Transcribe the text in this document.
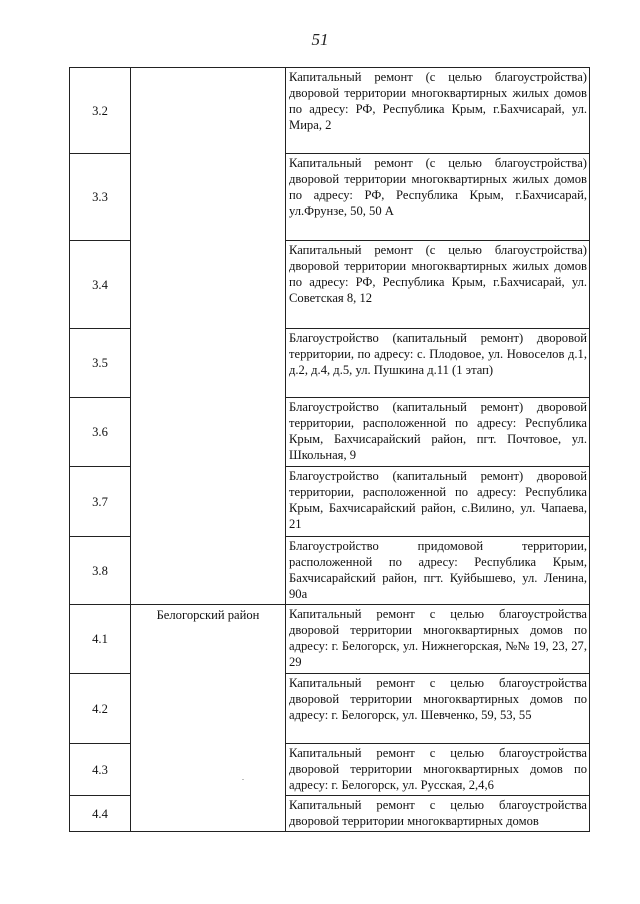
51
3.2		Капитальный ремонт (с целью благоустройства) дворовой территории многоквартирных жилых домов по адресу: РФ, Республика Крым, г.Бахчисарай, ул. Мира, 2
3.3		Капитальный ремонт (с целью благоустройства) дворовой территории многоквартирных жилых домов по адресу: РФ, Республика Крым, г.Бахчисарай, ул.Фрунзе, 50, 50 А
3.4		Капитальный ремонт (с целью благоустройства) дворовой территории многоквартирных жилых домов по адресу: РФ, Республика Крым, г.Бахчисарай, ул. Советская 8, 12
3.5		Благоустройство (капитальный ремонт) дворовой территории, по адресу: с. Плодовое, ул. Новоселов д.1, д.2, д.4, д.5, ул. Пушкина д.11 (1 этап)
3.6		Благоустройство (капитальный ремонт) дворовой территории, расположенной по адресу: Республика Крым, Бахчисарайский район, пгт. Почтовое, ул. Школьная, 9
3.7		Благоустройство (капитальный ремонт) дворовой территории, расположенной по адресу: Республика Крым, Бахчисарайский район, с.Вилино, ул. Чапаева, 21
3.8		Благоустройство придомовой территории, расположенной по адресу: Республика Крым, Бахчисарайский район, пгт. Куйбышево, ул. Ленина, 90а
4.1	Белогорский район	Капитальный ремонт с целью благоустройства дворовой территории многоквартирных домов по адресу: г. Белогорск, ул. Нижнегорская, №№ 19, 23, 27, 29
4.2		Капитальный ремонт с целью благоустройства дворовой территории многоквартирных домов по адресу: г. Белогорск, ул. Шевченко, 59, 53, 55
4.3		Капитальный ремонт с целью благоустройства дворовой территории многоквартирных домов по адресу: г. Белогорск, ул. Русская, 2,4,6
4.4		Капитальный ремонт с целью благоустройства дворовой территории многоквартирных домов
.
